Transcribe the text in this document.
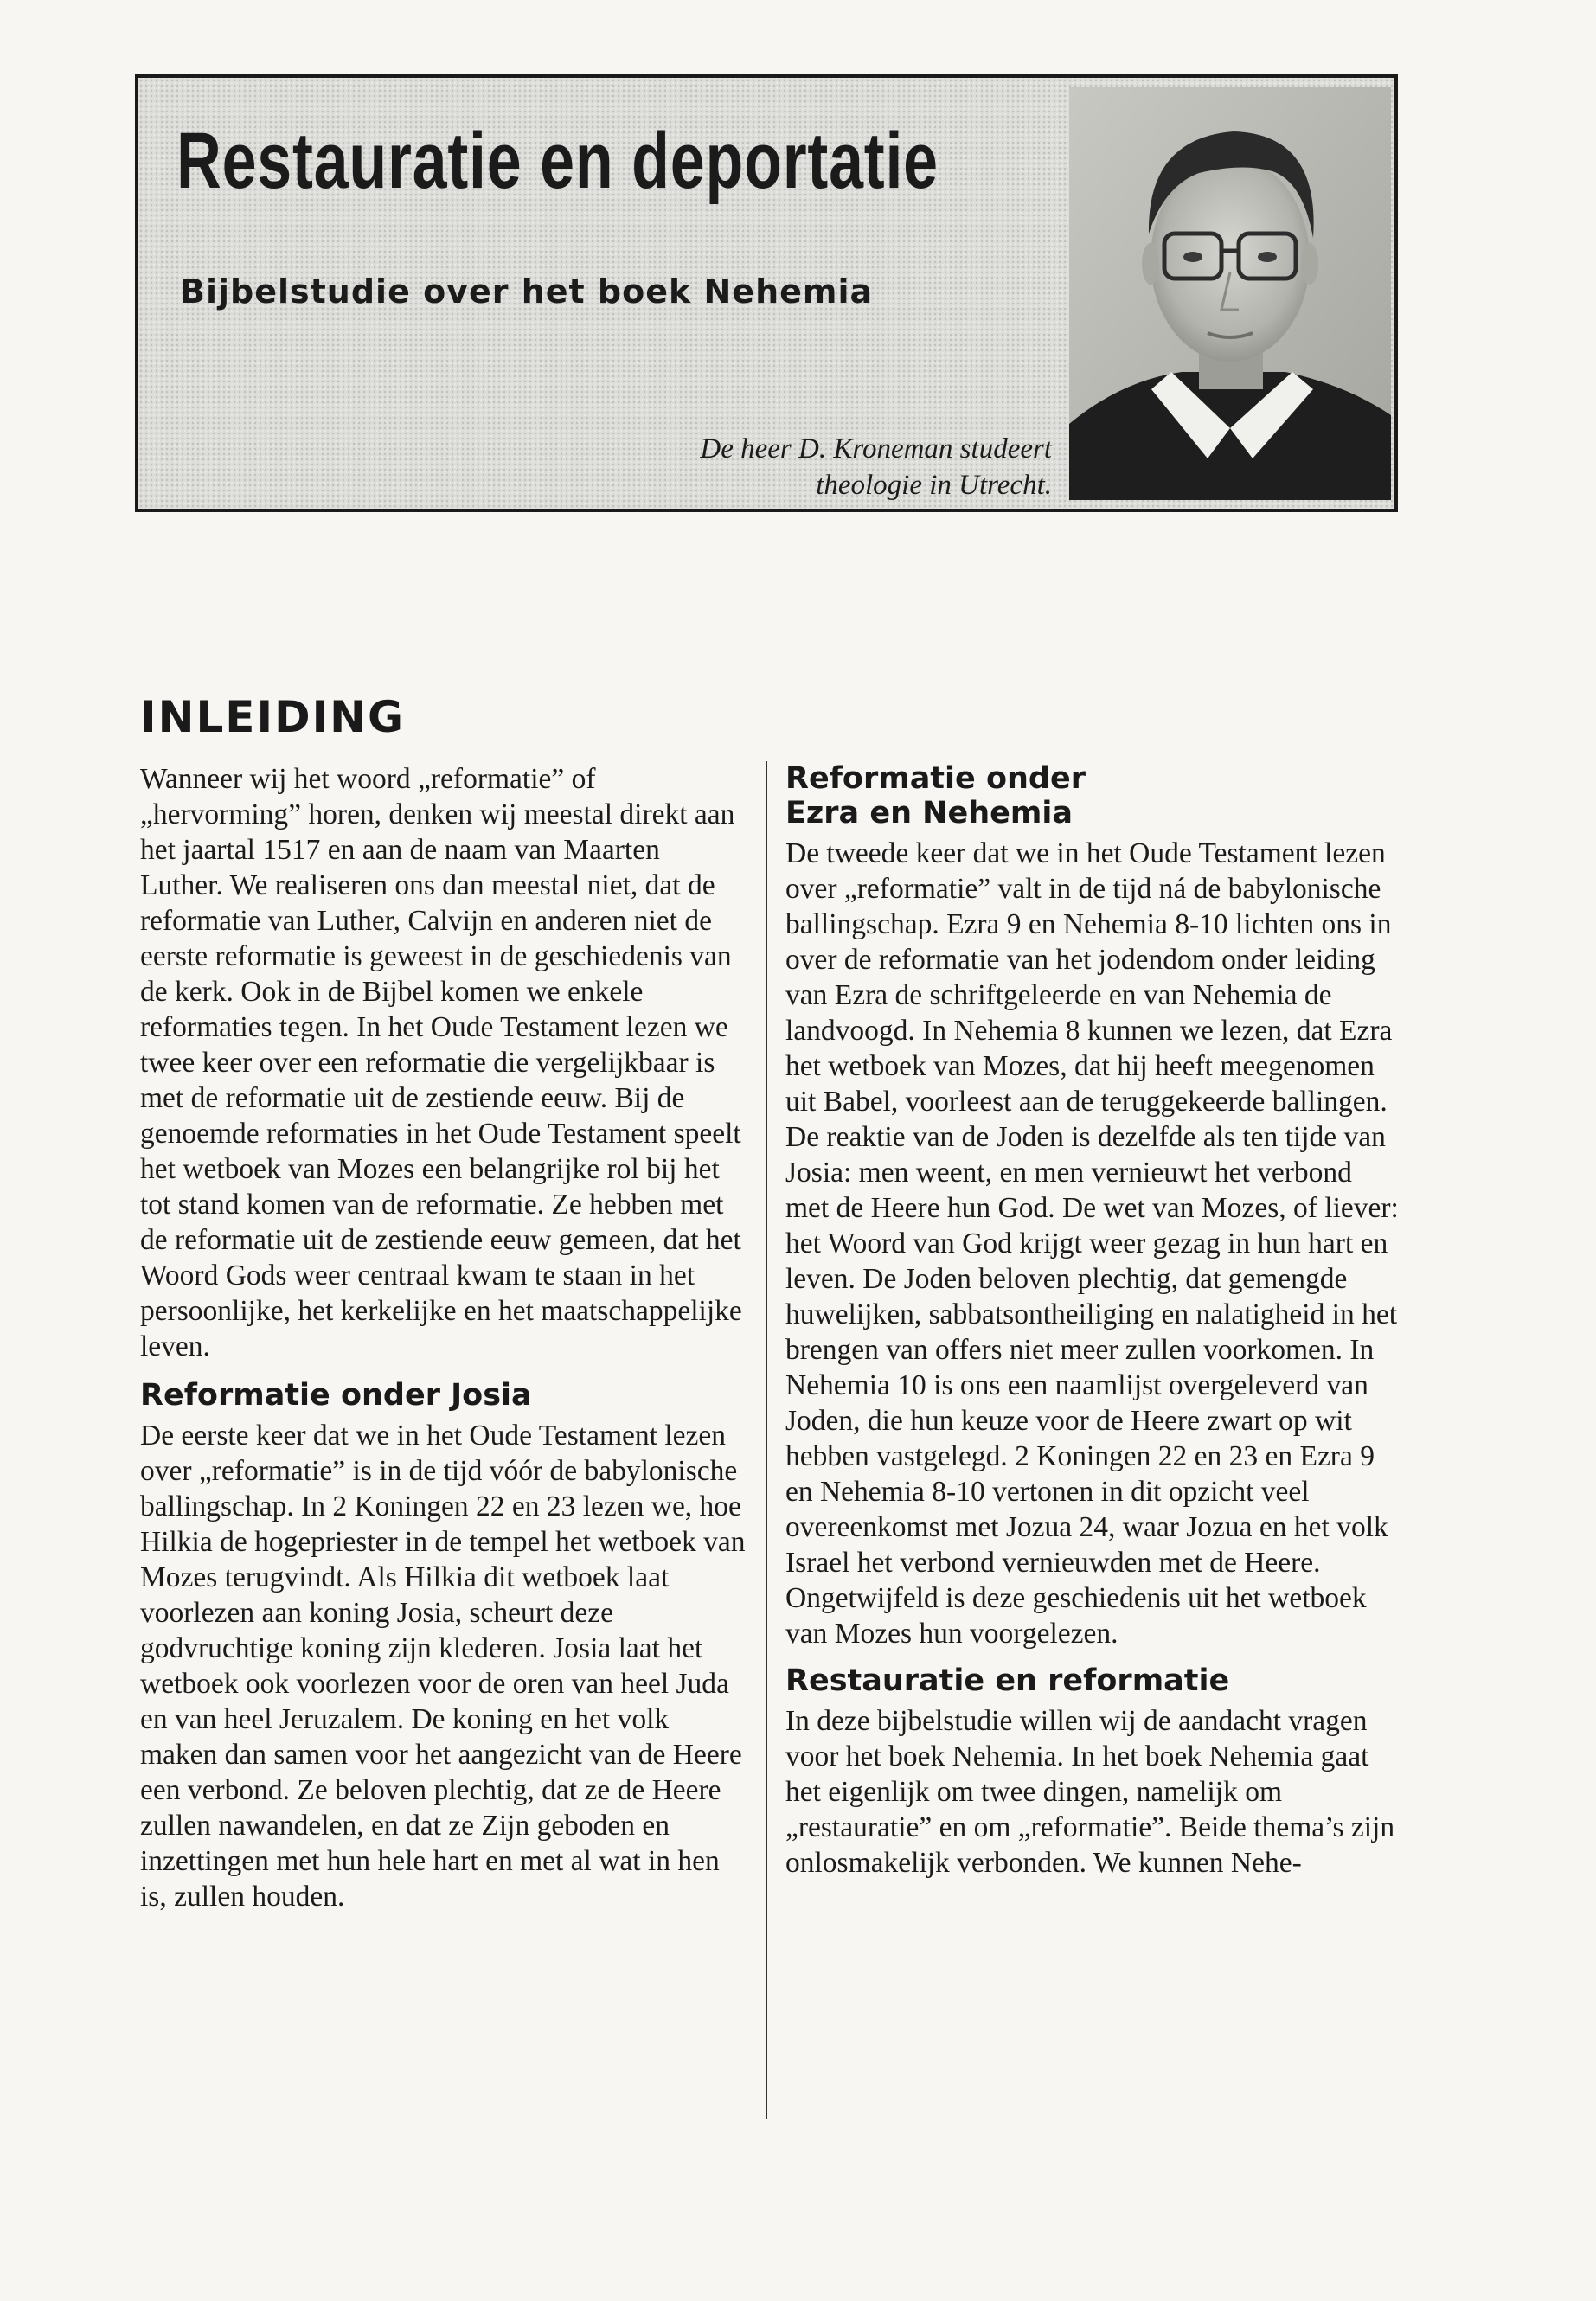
Restauratie en deportatie
Bijbelstudie over het boek Nehemia

De heer D. Kroneman studeert
theologie in Utrecht.

INLEIDING

Wanneer wij het woord „reformatie” of „hervorming” horen, denken wij meestal direkt aan het jaartal 1517 en aan de naam van Maarten Luther. We realiseren ons dan meestal niet, dat de reformatie van Luther, Calvijn en anderen niet de eerste reformatie is geweest in de geschiedenis van de kerk. Ook in de Bijbel komen we enkele reformaties tegen. In het Oude Testament lezen we twee keer over een reformatie die vergelijkbaar is met de reformatie uit de zestiende eeuw. Bij de genoemde reformaties in het Oude Testament speelt het wetboek van Mozes een belangrijke rol bij het tot stand komen van de reformatie. Ze hebben met de reformatie uit de zestiende eeuw gemeen, dat het Woord Gods weer centraal kwam te staan in het persoonlijke, het kerkelijke en het maatschappelijke leven.

Reformatie onder Josia

De eerste keer dat we in het Oude Testament lezen over „reformatie” is in de tijd vóór de babylonische ballingschap. In 2 Koningen 22 en 23 lezen we, hoe Hilkia de hogepriester in de tempel het wetboek van Mozes terugvindt. Als Hilkia dit wetboek laat voorlezen aan koning Josia, scheurt deze godvruchtige koning zijn klederen. Josia laat het wetboek ook voorlezen voor de oren van heel Juda en van heel Jeruzalem. De koning en het volk maken dan samen voor het aangezicht van de Heere een verbond. Ze beloven plechtig, dat ze de Heere zullen nawandelen, en dat ze Zijn geboden en inzettingen met hun hele hart en met al wat in hen is, zullen houden.

Reformatie onder
Ezra en Nehemia

De tweede keer dat we in het Oude Testament lezen over „reformatie” valt in de tijd ná de babylonische ballingschap. Ezra 9 en Nehemia 8-10 lichten ons in over de reformatie van het jodendom onder leiding van Ezra de schriftgeleerde en van Nehemia de landvoogd. In Nehemia 8 kunnen we lezen, dat Ezra het wetboek van Mozes, dat hij heeft meegenomen uit Babel, voorleest aan de teruggekeerde ballingen. De reaktie van de Joden is dezelfde als ten tijde van Josia: men weent, en men vernieuwt het verbond met de Heere hun God. De wet van Mozes, of liever: het Woord van God krijgt weer gezag in hun hart en leven. De Joden beloven plechtig, dat gemengde huwelijken, sabbatsontheiliging en nalatigheid in het brengen van offers niet meer zullen voorkomen. In Nehemia 10 is ons een naamlijst overgeleverd van Joden, die hun keuze voor de Heere zwart op wit hebben vastgelegd. 2 Koningen 22 en 23 en Ezra 9 en Nehemia 8-10 vertonen in dit opzicht veel overeenkomst met Jozua 24, waar Jozua en het volk Israel het verbond vernieuwden met de Heere. Ongetwijfeld is deze geschiedenis uit het wetboek van Mozes hun voorgelezen.

Restauratie en reformatie

In deze bijbelstudie willen wij de aandacht vragen voor het boek Nehemia. In het boek Nehemia gaat het eigenlijk om twee dingen, namelijk om „restauratie” en om „reformatie”. Beide thema’s zijn onlosmakelijk verbonden. We kunnen Nehe-
